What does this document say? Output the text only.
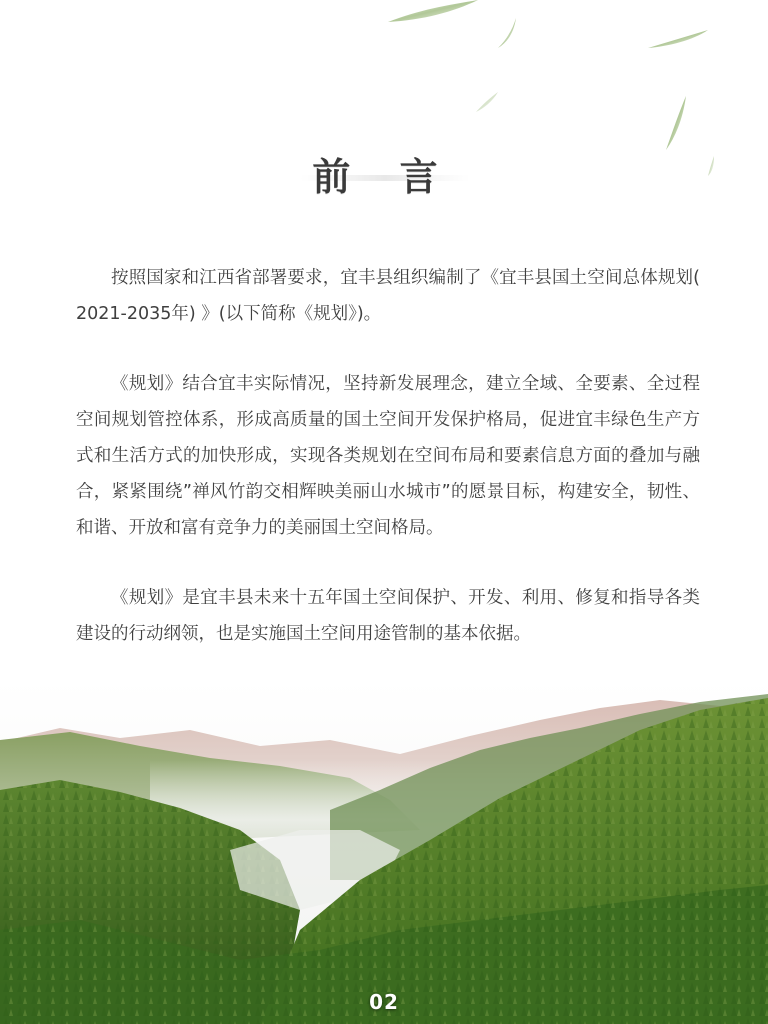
前 言

按照国家和江西省部署要求，宜丰县组织编制了《宜丰县国土空间总体规划( 2021-2035年) 》(以下简称《规划》)。

《规划》结合宜丰实际情况，坚持新发展理念，建立全域、全要素、全过程空间规划管控体系，形成高质量的国土空间开发保护格局，促进宜丰绿色生产方式和生活方式的加快形成，实现各类规划在空间布局和要素信息方面的叠加与融合，紧紧围绕”禅风竹韵交相辉映美丽山水城市”的愿景目标，构建安全，韧性、和谐、开放和富有竞争力的美丽国土空间格局。

《规划》是宜丰县未来十五年国土空间保护、开发、利用、修复和指导各类建设的行动纲领，也是实施国土空间用途管制的基本依据。

02
